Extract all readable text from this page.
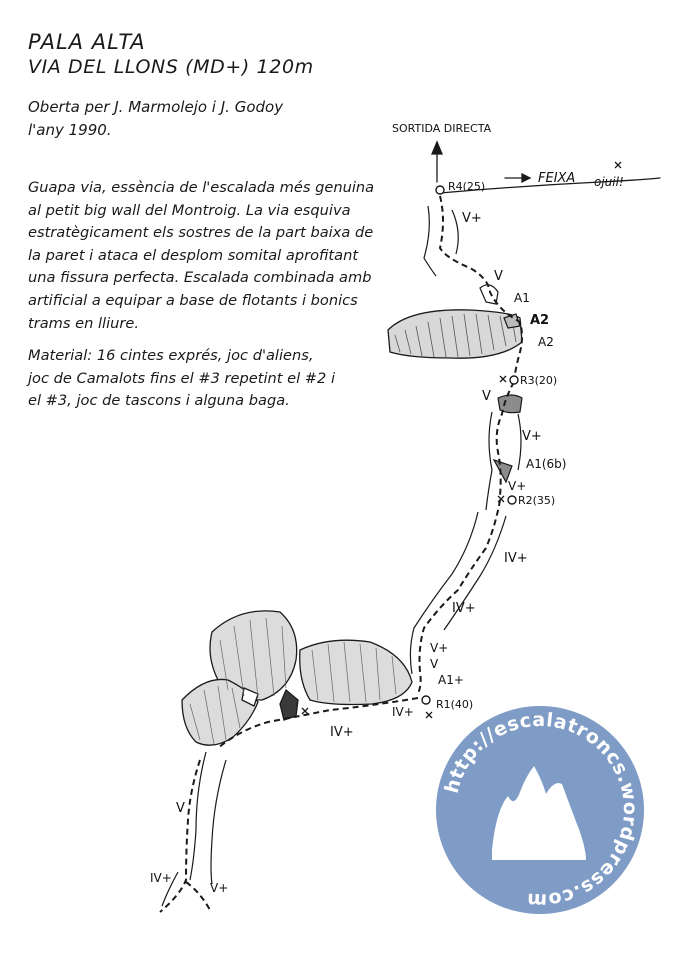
PALA ALTA
VIA DEL LLONS (MD+) 120m
Oberta per J. Marmolejo i J. Godoy
l'any 1990.
Guapa via, essència de l'escalada més genuina
al petit big wall del Montroig. La via esquiva
estratègicament els sostres de la part baixa de
la paret i ataca el desplom somital aprofitant
una fissura perfecta. Escalada combinada amb
artificial a equipar a base de flotants i bonics
trams en lliure.
Material: 16 cintes exprés, joc d'aliens,
joc de Camalots fins el #3 repetint el #2 i
el #3, joc de tascons i alguna baga.
SORTIDA DIRECTA
FEIXA ojuil!
R4(25)
R3(20)
R2(35)
R1(40)
V+
V
A1
A2
A2
V
V+
A1(6b)
V+
IV+
IV+
V+
V
A1+
IV+
IV+
V
IV+
V+
http://escalatroncs.wordpress.com
